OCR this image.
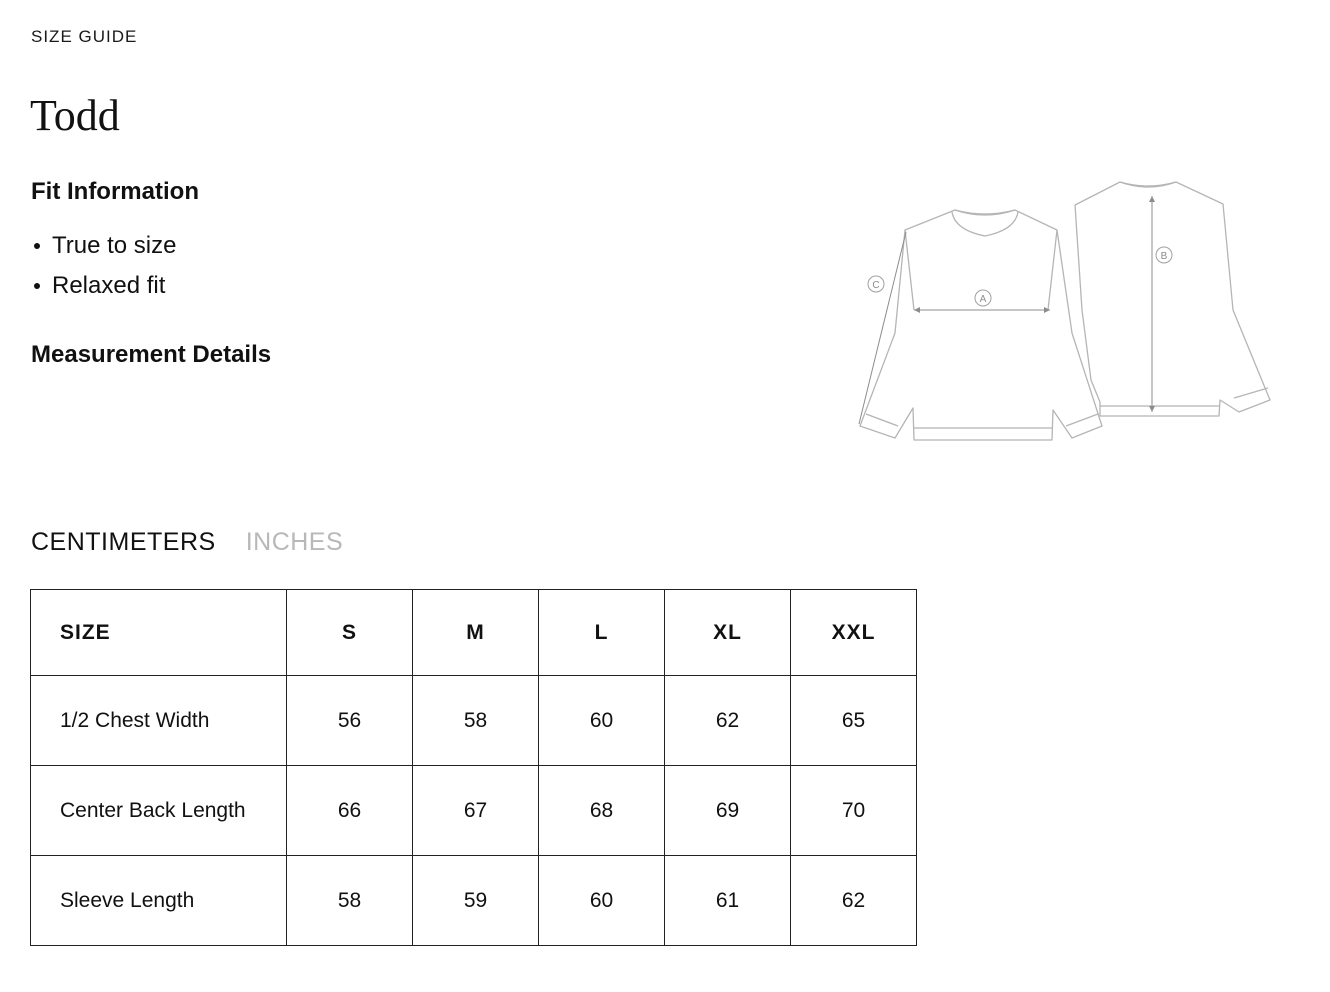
SIZE GUIDE
Todd
Fit Information
True to size
Relaxed fit
Measurement Details
A
B
C
CENTIMETERS INCHES
SIZE	S	M	L	XL	XXL
1/2 Chest Width	56	58	60	62	65
Center Back Length	66	67	68	69	70
Sleeve Length	58	59	60	61	62
